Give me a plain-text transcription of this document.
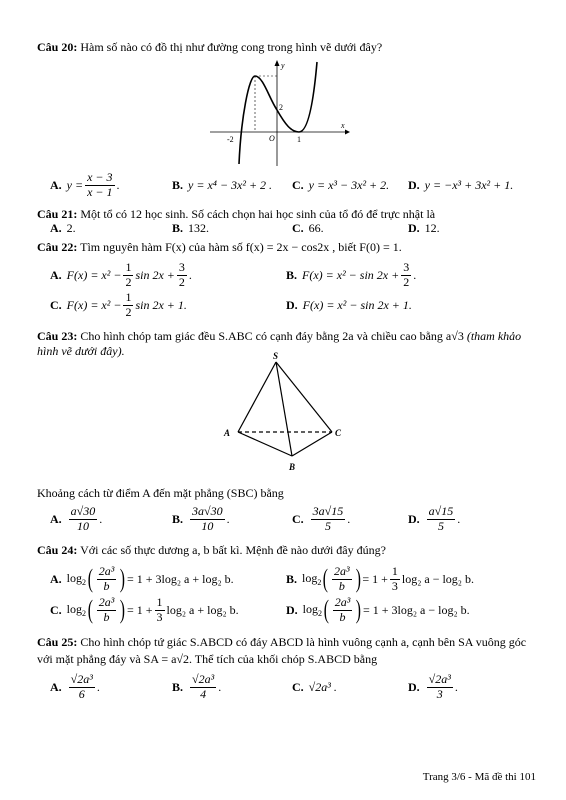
Câu 20: Hàm số nào có đồ thị như đường cong trong hình vẽ dưới đây?
y
x
O
-2	1
2
A. $y = \frac{x - 3}{x - 1}$ .	B. y = x⁴ − 3x² + 2 . C. y = x³ − 3x² + 2. D. y = −x³ + 3x² + 1.
Câu 21: Một tổ có 12 học sinh. Số cách chọn hai học sinh của tổ đó để trực nhật là
A. 2.	B. 132.	C. 66.	D. 12.
Câu 22: Tìm nguyên hàm F(x) của hàm số f(x) = 2x − cos2x , biết F(0) = 1.
A. $F(x) = x^2 - \frac{1}{2}$ $\sin 2x + \frac{3}{2}$ .	B. $F(x) = x^2 - \sin 2x + \frac{3}{2}$ .
C. $F(x) = x^2 - \frac{1}{2}$ sin 2x + 1.	D. F(x) = x² − sin 2x + 1.
Câu 23: Cho hình chóp tam giác đều S.ABC có cạnh đáy bằng 2a và chiều cao bằng a√3 (tham khảo
hình vẽ dưới đây).	S
A
B
C
Khoảng cách từ điểm A đến mặt phẳng (SBC) bằng
A. $\frac{a√30}{10}$ .	B. $\frac{3a√30}{10}$ .	C. $\frac{3a√15}{5}$ .	D. $\frac{a√15}{5}$ .
Câu 24: Với các số thực dương a, b bất kì. Mệnh đề nào dưới đây đúng?
A. $\log_2$ ( $\frac{\text{2a³}}{b}$ ) = 1 + 3log₂ a + log₂ b.	B. $\log_2$ ( $\frac{\text{2a³}}{b}$ ) = $1 + \frac{1}{3} \log_2$ a − log₂ b.
C. $\log_2$ ( $\frac{\text{2a³}}{b}$ ) = $1 + \frac{1}{3} \log_2$ a + log₂ b.	D. $\log_2$ ( $\frac{\text{2a³}}{b}$ ) = 1 + 3log₂ a − log₂ b.
Câu 25: Cho hình chóp tứ giác S.ABCD có đáy ABCD là hình vuông cạnh a, cạnh bên SA vuông góc
với mặt phẳng đáy và SA = a√2. Thể tích của khối chóp S.ABCD bằng
A. $\frac{\text{√2a³}}{6}$ .	B. $\frac{\text{√2a³}}{4}$ .	C. √2a³ .	D. $\frac{\text{√2a³}}{3}$ .
Trang 3/6 - Mã đề thi 101
